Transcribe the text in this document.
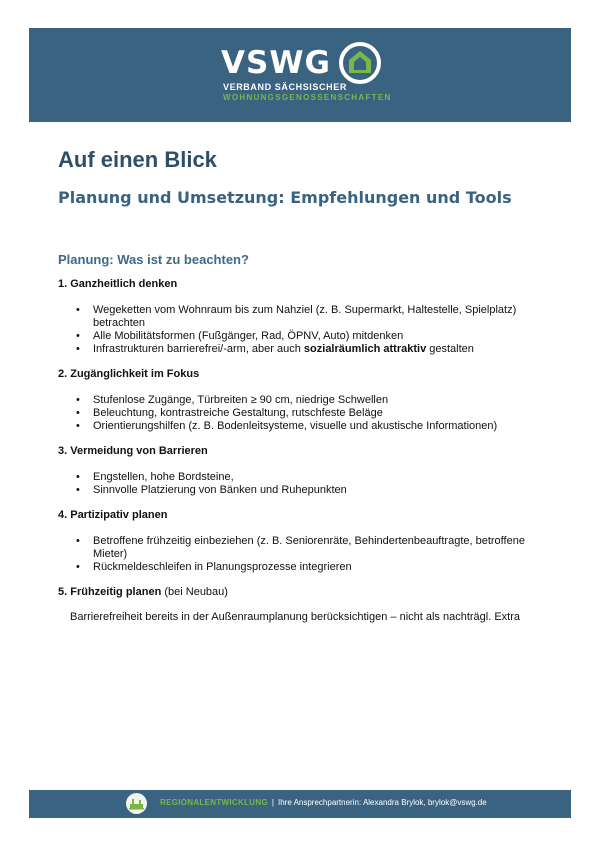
VSWG
VERBAND SÄCHSISCHER
WOHNUNGSGENOSSENSCHAFTEN
Auf einen Blick
Planung und Umsetzung: Empfehlungen und Tools
Planung: Was ist zu beachten?
1. Ganzheitlich denken
• Wegeketten vom Wohnraum bis zum Nahziel (z. B. Supermarkt, Haltestelle, Spielplatz) betrachten
• Alle Mobilitätsformen (Fußgänger, Rad, ÖPNV, Auto) mitdenken
• Infrastrukturen barrierefrei/-arm, aber auch sozialräumlich attraktiv gestalten
2. Zugänglichkeit im Fokus
• Stufenlose Zugänge, Türbreiten ≥ 90 cm, niedrige Schwellen
• Beleuchtung, kontrastreiche Gestaltung, rutschfeste Beläge
• Orientierungshilfen (z. B. Bodenleitsysteme, visuelle und akustische Informationen)
3. Vermeidung von Barrieren
• Engstellen, hohe Bordsteine,
• Sinnvolle Platzierung von Bänken und Ruhepunkten
4. Partizipativ planen
• Betroffene frühzeitig einbeziehen (z. B. Seniorenräte, Behindertenbeauftragte, betroffene Mieter)
• Rückmeldeschleifen in Planungsprozesse integrieren
5. Frühzeitig planen (bei Neubau)
Barrierefreiheit bereits in der Außenraumplanung berücksichtigen – nicht als nachträgl. Extra
REGIONALENTWICKLUNG | Ihre Ansprechpartnerin: Alexandra Brylok, brylok@vswg.de
